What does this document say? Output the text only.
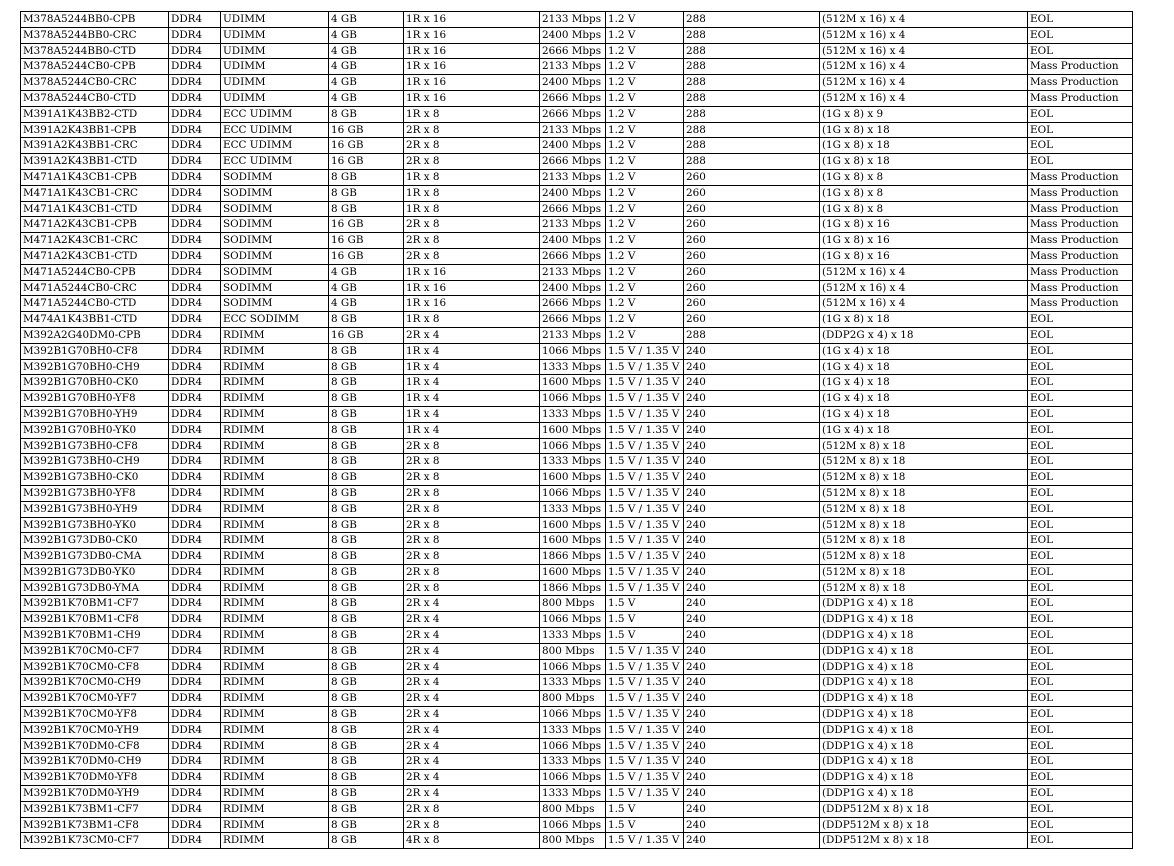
M378A5244BB0-CPB	DDR4	UDIMM	4 GB	1R x 16	2133 Mbps	1.2 V	288	(512M x 16) x 4	EOL
M378A5244BB0-CRC	DDR4	UDIMM	4 GB	1R x 16	2400 Mbps	1.2 V	288	(512M x 16) x 4	EOL
M378A5244BB0-CTD	DDR4	UDIMM	4 GB	1R x 16	2666 Mbps	1.2 V	288	(512M x 16) x 4	EOL
M378A5244CB0-CPB	DDR4	UDIMM	4 GB	1R x 16	2133 Mbps	1.2 V	288	(512M x 16) x 4	Mass Production
M378A5244CB0-CRC	DDR4	UDIMM	4 GB	1R x 16	2400 Mbps	1.2 V	288	(512M x 16) x 4	Mass Production
M378A5244CB0-CTD	DDR4	UDIMM	4 GB	1R x 16	2666 Mbps	1.2 V	288	(512M x 16) x 4	Mass Production
M391A1K43BB2-CTD	DDR4	ECC UDIMM	8 GB	1R x 8	2666 Mbps	1.2 V	288	(1G x 8) x 9	EOL
M391A2K43BB1-CPB	DDR4	ECC UDIMM	16 GB	2R x 8	2133 Mbps	1.2 V	288	(1G x 8) x 18	EOL
M391A2K43BB1-CRC	DDR4	ECC UDIMM	16 GB	2R x 8	2400 Mbps	1.2 V	288	(1G x 8) x 18	EOL
M391A2K43BB1-CTD	DDR4	ECC UDIMM	16 GB	2R x 8	2666 Mbps	1.2 V	288	(1G x 8) x 18	EOL
M471A1K43CB1-CPB	DDR4	SODIMM	8 GB	1R x 8	2133 Mbps	1.2 V	260	(1G x 8) x 8	Mass Production
M471A1K43CB1-CRC	DDR4	SODIMM	8 GB	1R x 8	2400 Mbps	1.2 V	260	(1G x 8) x 8	Mass Production
M471A1K43CB1-CTD	DDR4	SODIMM	8 GB	1R x 8	2666 Mbps	1.2 V	260	(1G x 8) x 8	Mass Production
M471A2K43CB1-CPB	DDR4	SODIMM	16 GB	2R x 8	2133 Mbps	1.2 V	260	(1G x 8) x 16	Mass Production
M471A2K43CB1-CRC	DDR4	SODIMM	16 GB	2R x 8	2400 Mbps	1.2 V	260	(1G x 8) x 16	Mass Production
M471A2K43CB1-CTD	DDR4	SODIMM	16 GB	2R x 8	2666 Mbps	1.2 V	260	(1G x 8) x 16	Mass Production
M471A5244CB0-CPB	DDR4	SODIMM	4 GB	1R x 16	2133 Mbps	1.2 V	260	(512M x 16) x 4	Mass Production
M471A5244CB0-CRC	DDR4	SODIMM	4 GB	1R x 16	2400 Mbps	1.2 V	260	(512M x 16) x 4	Mass Production
M471A5244CB0-CTD	DDR4	SODIMM	4 GB	1R x 16	2666 Mbps	1.2 V	260	(512M x 16) x 4	Mass Production
M474A1K43BB1-CTD	DDR4	ECC SODIMM	8 GB	1R x 8	2666 Mbps	1.2 V	260	(1G x 8) x 18	EOL
M392A2G40DM0-CPB	DDR4	RDIMM	16 GB	2R x 4	2133 Mbps	1.2 V	288	(DDP2G x 4) x 18	EOL
M392B1G70BH0-CF8	DDR4	RDIMM	8 GB	1R x 4	1066 Mbps	1.5 V / 1.35 V	240	(1G x 4) x 18	EOL
M392B1G70BH0-CH9	DDR4	RDIMM	8 GB	1R x 4	1333 Mbps	1.5 V / 1.35 V	240	(1G x 4) x 18	EOL
M392B1G70BH0-CK0	DDR4	RDIMM	8 GB	1R x 4	1600 Mbps	1.5 V / 1.35 V	240	(1G x 4) x 18	EOL
M392B1G70BH0-YF8	DDR4	RDIMM	8 GB	1R x 4	1066 Mbps	1.5 V / 1.35 V	240	(1G x 4) x 18	EOL
M392B1G70BH0-YH9	DDR4	RDIMM	8 GB	1R x 4	1333 Mbps	1.5 V / 1.35 V	240	(1G x 4) x 18	EOL
M392B1G70BH0-YK0	DDR4	RDIMM	8 GB	1R x 4	1600 Mbps	1.5 V / 1.35 V	240	(1G x 4) x 18	EOL
M392B1G73BH0-CF8	DDR4	RDIMM	8 GB	2R x 8	1066 Mbps	1.5 V / 1.35 V	240	(512M x 8) x 18	EOL
M392B1G73BH0-CH9	DDR4	RDIMM	8 GB	2R x 8	1333 Mbps	1.5 V / 1.35 V	240	(512M x 8) x 18	EOL
M392B1G73BH0-CK0	DDR4	RDIMM	8 GB	2R x 8	1600 Mbps	1.5 V / 1.35 V	240	(512M x 8) x 18	EOL
M392B1G73BH0-YF8	DDR4	RDIMM	8 GB	2R x 8	1066 Mbps	1.5 V / 1.35 V	240	(512M x 8) x 18	EOL
M392B1G73BH0-YH9	DDR4	RDIMM	8 GB	2R x 8	1333 Mbps	1.5 V / 1.35 V	240	(512M x 8) x 18	EOL
M392B1G73BH0-YK0	DDR4	RDIMM	8 GB	2R x 8	1600 Mbps	1.5 V / 1.35 V	240	(512M x 8) x 18	EOL
M392B1G73DB0-CK0	DDR4	RDIMM	8 GB	2R x 8	1600 Mbps	1.5 V / 1.35 V	240	(512M x 8) x 18	EOL
M392B1G73DB0-CMA	DDR4	RDIMM	8 GB	2R x 8	1866 Mbps	1.5 V / 1.35 V	240	(512M x 8) x 18	EOL
M392B1G73DB0-YK0	DDR4	RDIMM	8 GB	2R x 8	1600 Mbps	1.5 V / 1.35 V	240	(512M x 8) x 18	EOL
M392B1G73DB0-YMA	DDR4	RDIMM	8 GB	2R x 8	1866 Mbps	1.5 V / 1.35 V	240	(512M x 8) x 18	EOL
M392B1K70BM1-CF7	DDR4	RDIMM	8 GB	2R x 4	800 Mbps	1.5 V	240	(DDP1G x 4) x 18	EOL
M392B1K70BM1-CF8	DDR4	RDIMM	8 GB	2R x 4	1066 Mbps	1.5 V	240	(DDP1G x 4) x 18	EOL
M392B1K70BM1-CH9	DDR4	RDIMM	8 GB	2R x 4	1333 Mbps	1.5 V	240	(DDP1G x 4) x 18	EOL
M392B1K70CM0-CF7	DDR4	RDIMM	8 GB	2R x 4	800 Mbps	1.5 V / 1.35 V	240	(DDP1G x 4) x 18	EOL
M392B1K70CM0-CF8	DDR4	RDIMM	8 GB	2R x 4	1066 Mbps	1.5 V / 1.35 V	240	(DDP1G x 4) x 18	EOL
M392B1K70CM0-CH9	DDR4	RDIMM	8 GB	2R x 4	1333 Mbps	1.5 V / 1.35 V	240	(DDP1G x 4) x 18	EOL
M392B1K70CM0-YF7	DDR4	RDIMM	8 GB	2R x 4	800 Mbps	1.5 V / 1.35 V	240	(DDP1G x 4) x 18	EOL
M392B1K70CM0-YF8	DDR4	RDIMM	8 GB	2R x 4	1066 Mbps	1.5 V / 1.35 V	240	(DDP1G x 4) x 18	EOL
M392B1K70CM0-YH9	DDR4	RDIMM	8 GB	2R x 4	1333 Mbps	1.5 V / 1.35 V	240	(DDP1G x 4) x 18	EOL
M392B1K70DM0-CF8	DDR4	RDIMM	8 GB	2R x 4	1066 Mbps	1.5 V / 1.35 V	240	(DDP1G x 4) x 18	EOL
M392B1K70DM0-CH9	DDR4	RDIMM	8 GB	2R x 4	1333 Mbps	1.5 V / 1.35 V	240	(DDP1G x 4) x 18	EOL
M392B1K70DM0-YF8	DDR4	RDIMM	8 GB	2R x 4	1066 Mbps	1.5 V / 1.35 V	240	(DDP1G x 4) x 18	EOL
M392B1K70DM0-YH9	DDR4	RDIMM	8 GB	2R x 4	1333 Mbps	1.5 V / 1.35 V	240	(DDP1G x 4) x 18	EOL
M392B1K73BM1-CF7	DDR4	RDIMM	8 GB	2R x 8	800 Mbps	1.5 V	240	(DDP512M x 8) x 18	EOL
M392B1K73BM1-CF8	DDR4	RDIMM	8 GB	2R x 8	1066 Mbps	1.5 V	240	(DDP512M x 8) x 18	EOL
M392B1K73CM0-CF7	DDR4	RDIMM	8 GB	4R x 8	800 Mbps	1.5 V / 1.35 V	240	(DDP512M x 8) x 18	EOL
